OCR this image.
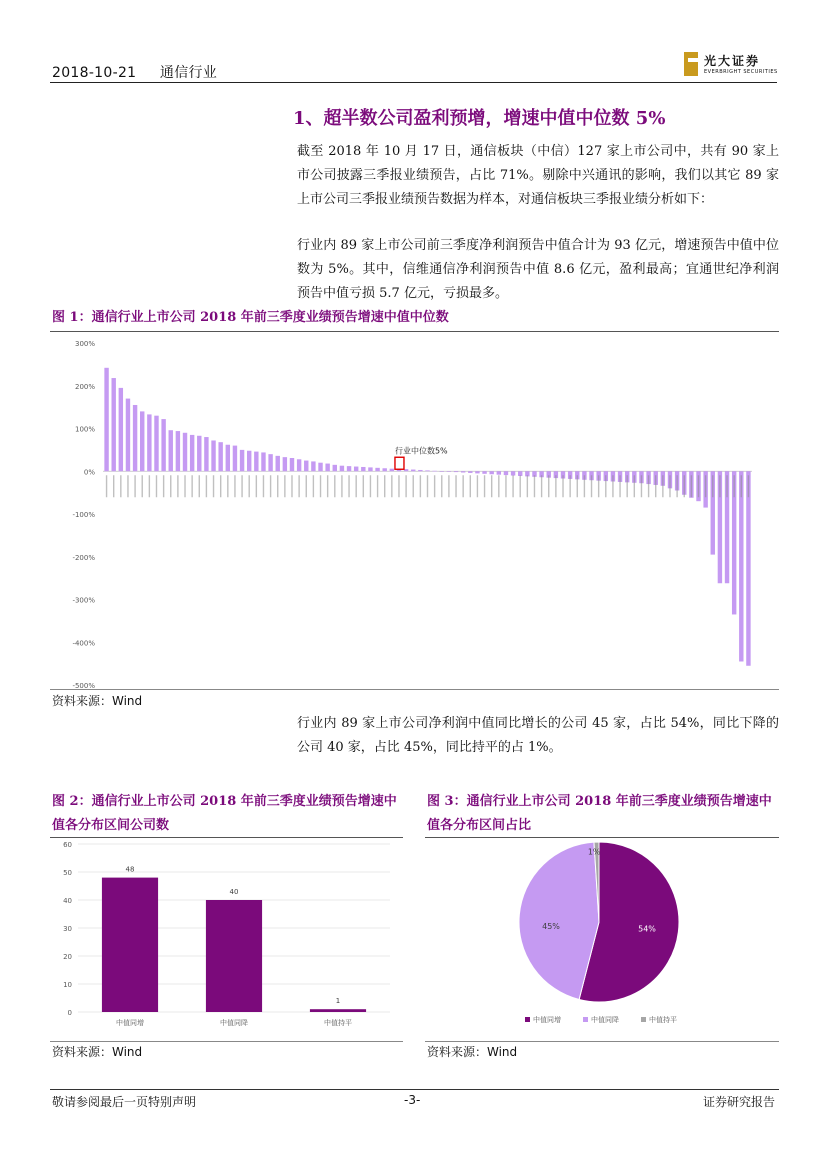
2018-10-21 通信行业
光大证券
EVERBRIGHT SECURITIES
1、超半数公司盈利预增，增速中值中位数 5%
截至 2018 年 10 月 17 日，通信板块（中信）127 家上市公司中，共有 90 家上市公司披露三季报业绩预告，占比 71%。剔除中兴通讯的影响，我们以其它 89 家上市公司三季报业绩预告数据为样本，对通信板块三季报业绩分析如下：
行业内 89 家上市公司前三季度净利润预告中值合计为 93 亿元，增速预告中值中位数为 5%。其中，信维通信净利润预告中值 8.6 亿元，盈利最高；宜通世纪净利润预告中值亏损 5.7 亿元，亏损最多。
图 1：通信行业上市公司 2018 年前三季度业绩预告增速中值中位数
-500%
-400%
-300%
-200%
-100%
0%
100%
200%
300%
行业中位数5%
资料来源：Wind
行业内 89 家上市公司净利润中值同比增长的公司 45 家，占比 54%，同比下降的公司 40 家，占比 45%，同比持平的占 1%。
图 2：通信行业上市公司 2018 年前三季度业绩预告增速中值各分布区间公司数
0
10
20
30
40
50
60
48
中值同增
40
中值同降
1
中值持平
资料来源：Wind
图 3：通信行业上市公司 2018 年前三季度业绩预告增速中值各分布区间占比
54%
45%
1%
中值同增	中值同降	中值持平
资料来源：Wind
敬请参阅最后一页特别声明	-3-	证券研究报告
